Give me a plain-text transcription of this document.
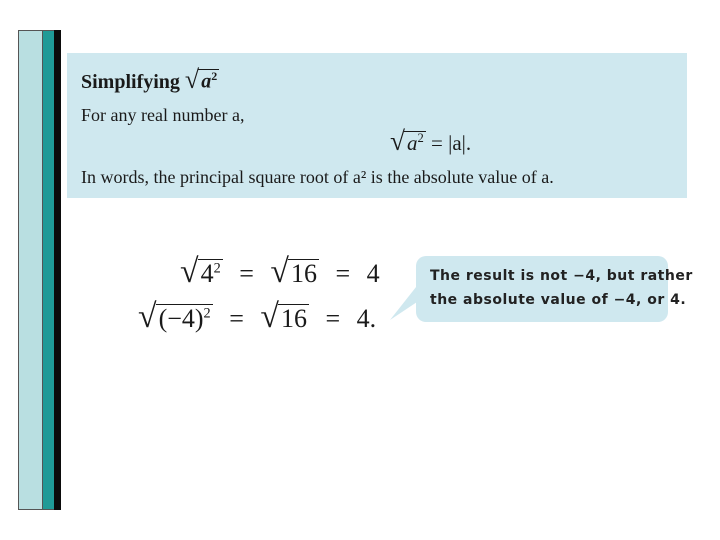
Simplifying √ $a^2$
For any real number a,
√ $a^2 = |a|$.
In words, the principal square root of a² is the absolute value of a.
√ $4^2$ = √ 16 = 4
√ $(-4)^2$ = √ 16 = 4.
The result is not −4, but rather
the absolute value of −4, or 4.
